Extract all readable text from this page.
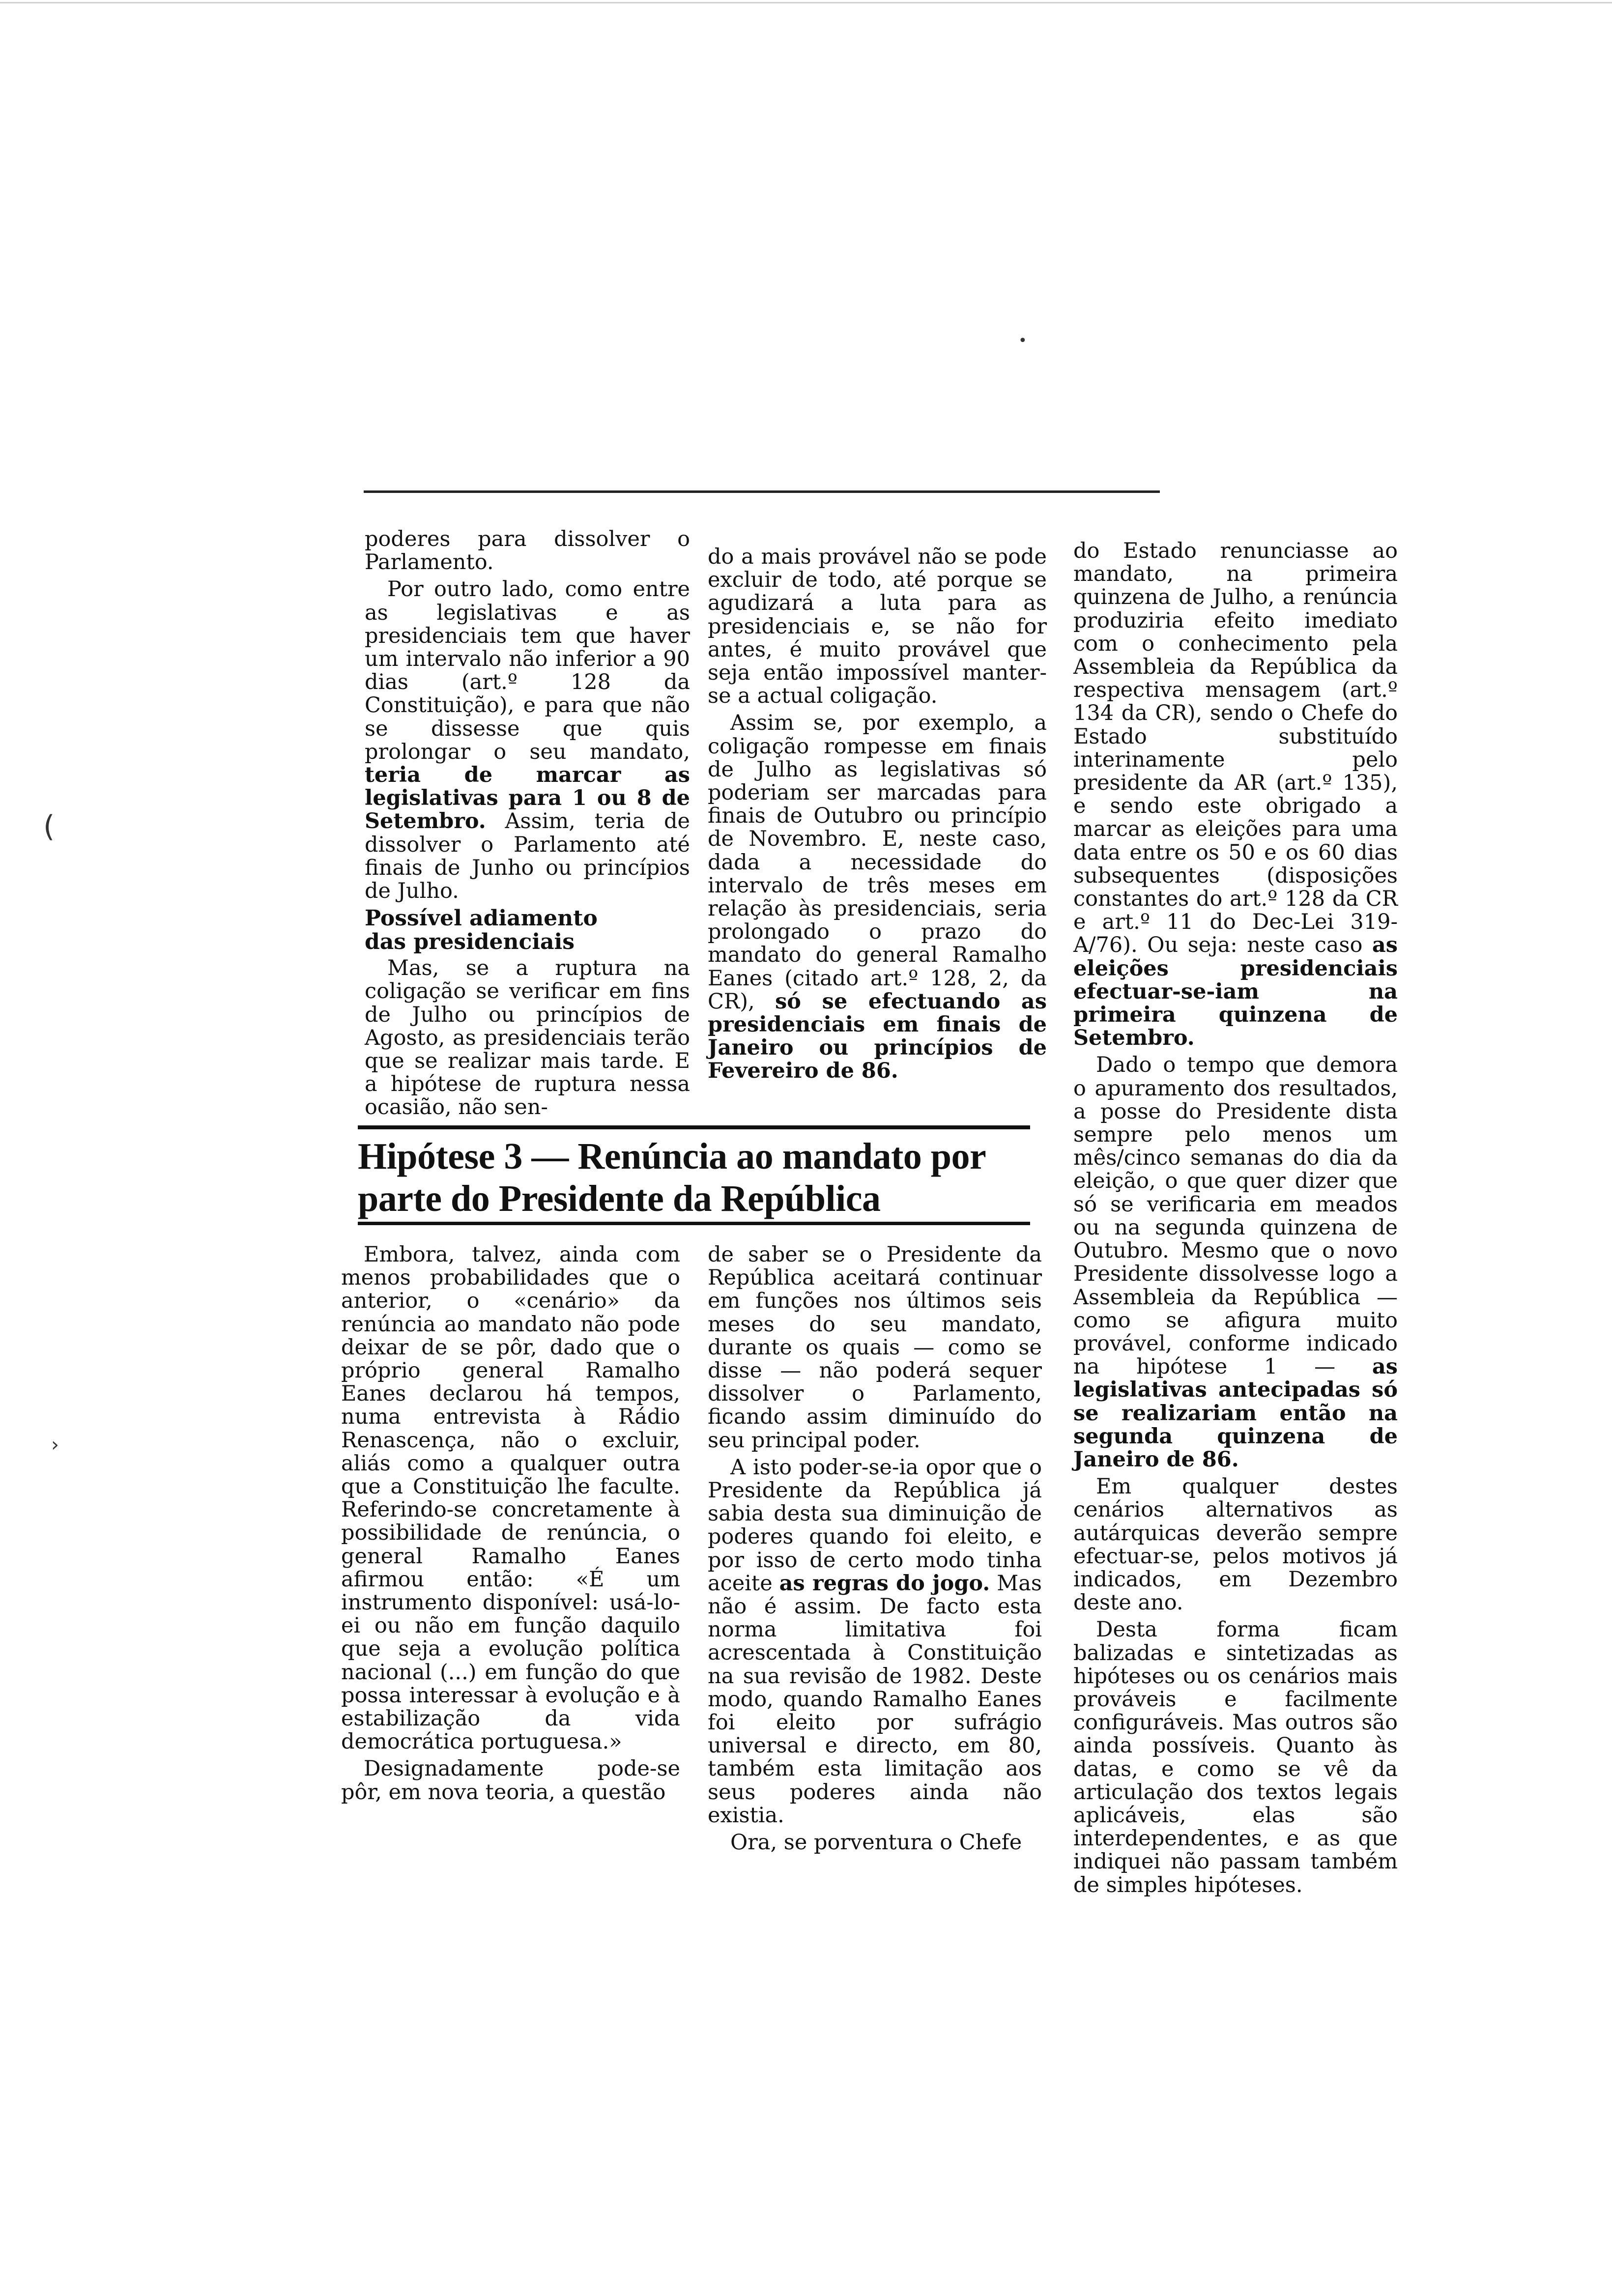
poderes para dissolver o Parlamento.

Por outro lado, como entre as legislativas e as presidenciais tem que haver um intervalo não inferior a 90 dias (art.º 128 da Constituição), e para que não se dissesse que quis prolongar o seu mandato, teria de marcar as legislativas para 1 ou 8 de Setembro. Assim, teria de dissolver o Parlamento até finais de Junho ou princípios de Julho.

Possível adiamento
das presidenciais

Mas, se a ruptura na coligação se verificar em fins de Julho ou princípios de Agosto, as presidenciais terão que se realizar mais tarde. E a hipótese de ruptura nessa ocasião, não sen-

do a mais provável não se pode excluir de todo, até porque se agudizará a luta para as presidenciais e, se não for antes, é muito provável que seja então impossível manter-se a actual coligação.

Assim se, por exemplo, a coligação rompesse em finais de Julho as legislativas só poderiam ser marcadas para finais de Outubro ou princípio de Novembro. E, neste caso, dada a necessidade do intervalo de três meses em relação às presidenciais, seria prolongado o prazo do mandato do general Ramalho Eanes (citado art.º 128, 2, da CR), só se efectuando as presidenciais em finais de Janeiro ou princípios de Fevereiro de 86.

do Estado renunciasse ao mandato, na primeira quinzena de Julho, a renúncia produziria efeito imediato com o conhecimento pela Assembleia da República da respectiva mensagem (art.º 134 da CR), sendo o Chefe do Estado substituído interinamente pelo presidente da AR (art.º 135), e sendo este obrigado a marcar as eleições para uma data entre os 50 e os 60 dias subsequentes (disposições constantes do art.º 128 da CR e art.º 11 do Dec-Lei 319-A/76). Ou seja: neste caso as eleições presidenciais efectuar-se-iam na primeira quinzena de Setembro.

Dado o tempo que demora o apuramento dos resultados, a posse do Presidente dista sempre pelo menos um mês/cinco semanas do dia da eleição, o que quer dizer que só se verificaria em meados ou na segunda quinzena de Outubro. Mesmo que o novo Presidente dissolvesse logo a Assembleia da República — como se afigura muito provável, conforme indicado na hipótese 1 — as legislativas antecipadas só se realizariam então na segunda quinzena de Janeiro de 86.

Em qualquer destes cenários alternativos as autárquicas deverão sempre efectuar-se, pelos motivos já indicados, em Dezembro deste ano.

Desta forma ficam balizadas e sintetizadas as hipóteses ou os cenários mais prováveis e facilmente configuráveis. Mas outros são ainda possíveis. Quanto às datas, e como se vê da articulação dos textos legais aplicáveis, elas são interdependentes, e as que indiquei não passam também de simples hipóteses.

Hipótese 3 — Renúncia ao mandato por
parte do Presidente da República

Embora, talvez, ainda com menos probabilidades que o anterior, o «cenário» da renúncia ao mandato não pode deixar de se pôr, dado que o próprio general Ramalho Eanes declarou há tempos, numa entrevista à Rádio Renascença, não o excluir, aliás como a qualquer outra que a Constituição lhe faculte. Referindo-se concretamente à possibilidade de renúncia, o general Ramalho Eanes afirmou então: «É um instrumento disponível: usá-lo-ei ou não em função daquilo que seja a evolução política nacional (...) em função do que possa interessar à evolução e à estabilização da vida democrática portuguesa.»

Designadamente pode-se pôr, em nova teoria, a questão

de saber se o Presidente da República aceitará continuar em funções nos últimos seis meses do seu mandato, durante os quais — como se disse — não poderá sequer dissolver o Parlamento, ficando assim diminuído do seu principal poder.

A isto poder-se-ia opor que o Presidente da República já sabia desta sua diminuição de poderes quando foi eleito, e por isso de certo modo tinha aceite as regras do jogo. Mas não é assim. De facto esta norma limitativa foi acrescentada à Constituição na sua revisão de 1982. Deste modo, quando Ramalho Eanes foi eleito por sufrágio universal e directo, em 80, também esta limitação aos seus poderes ainda não existia.

Ora, se porventura o Chefe

(
›
•
